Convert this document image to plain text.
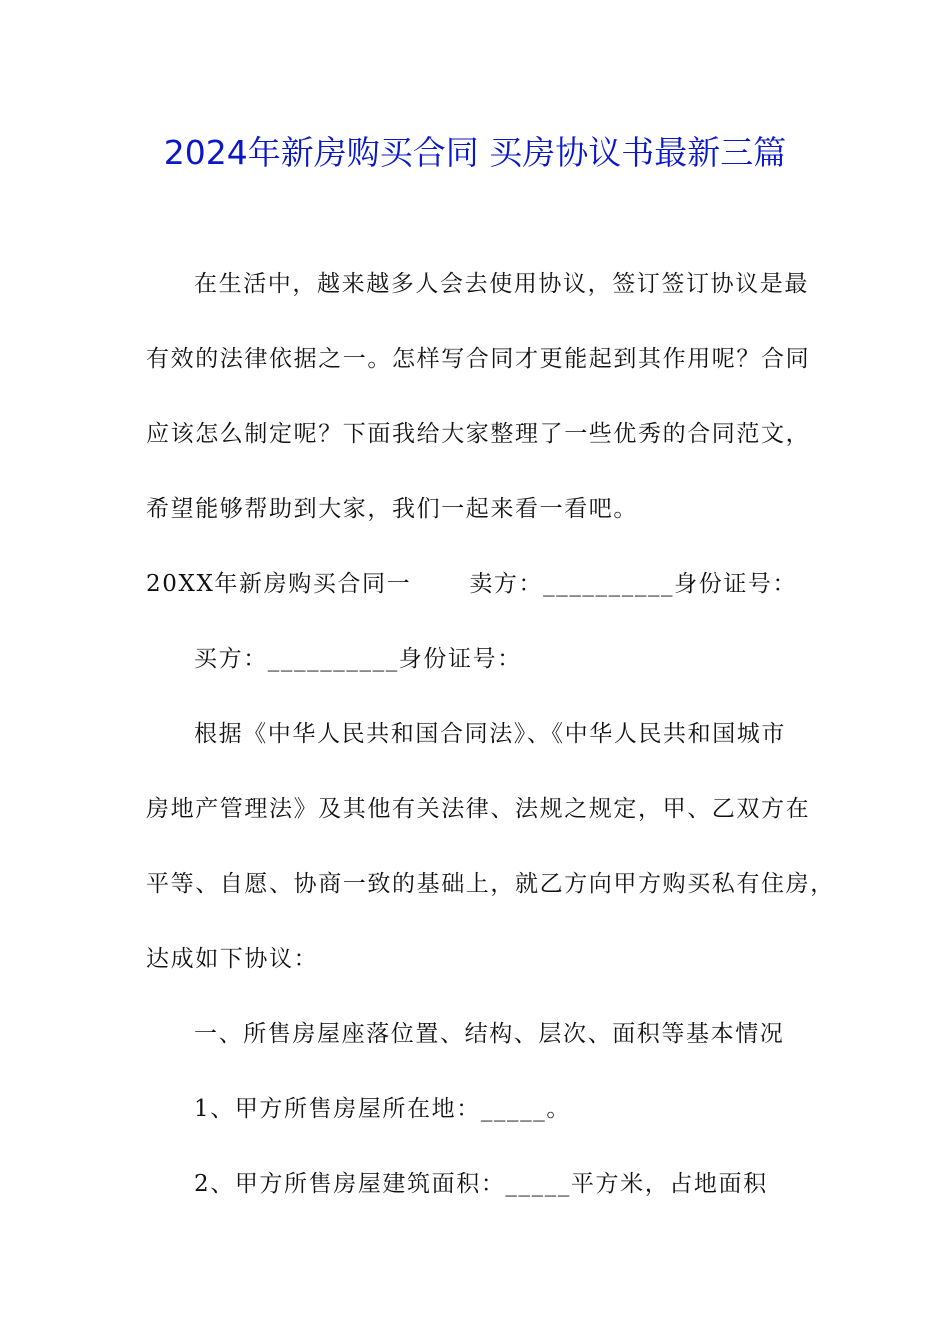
2024年新房购买合同 买房协议书最新三篇
在生活中，越来越多人会去使用协议，签订签订协议是最
有效的法律依据之一。怎样写合同才更能起到其作用呢？合同
应该怎么制定呢？下面我给大家整理了一些优秀的合同范文，
希望能够帮助到大家，我们一起来看一看吧。
20XX年新房购买合同一　　 卖方：__________身份证号：
买方：__________身份证号：
根据《中华人民共和国合同法》、《中华人民共和国城市
房地产管理法》及其他有关法律、法规之规定，甲、乙双方在
平等、自愿、协商一致的基础上，就乙方向甲方购买私有住房，
达成如下协议：
一、所售房屋座落位置、结构、层次、面积等基本情况
1、甲方所售房屋所在地：_____。
2、甲方所售房屋建筑面积：_____平方米，占地面积
